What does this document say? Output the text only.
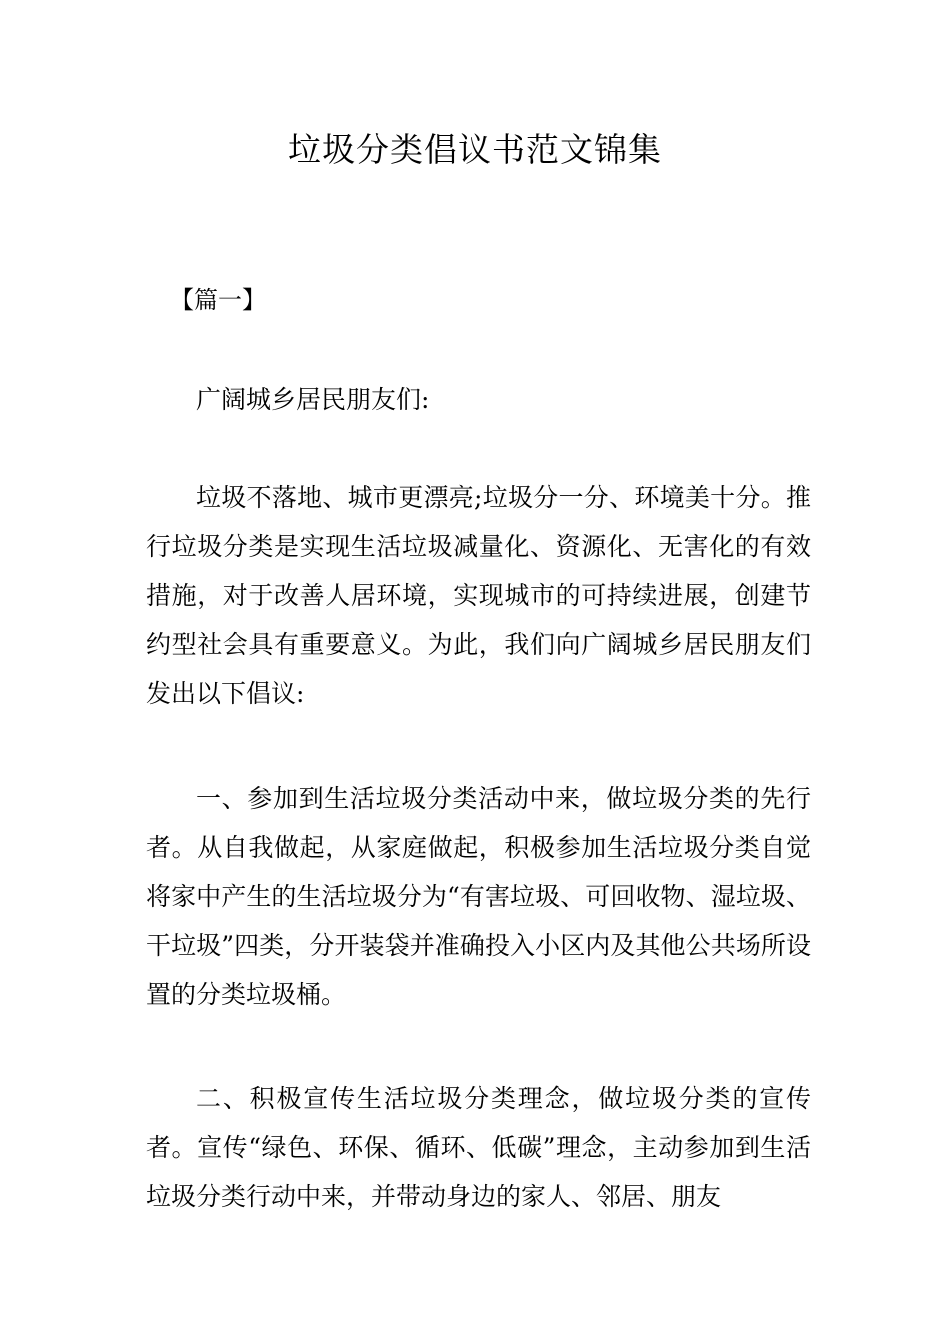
垃圾分类倡议书范文锦集

【篇一】

广阔城乡居民朋友们:

垃圾不落地、城市更漂亮;垃圾分一分、环境美十分。推行垃圾分类是实现生活垃圾减量化、资源化、无害化的有效措施，对于改善人居环境，实现城市的可持续进展，创建节约型社会具有重要意义。为此，我们向广阔城乡居民朋友们发出以下倡议:

一、参加到生活垃圾分类活动中来，做垃圾分类的先行者。从自我做起，从家庭做起，积极参加生活垃圾分类自觉将家中产生的生活垃圾分为“有害垃圾、可回收物、湿垃圾、干垃圾”四类，分开装袋并准确投入小区内及其他公共场所设置的分类垃圾桶。

二、积极宣传生活垃圾分类理念，做垃圾分类的宣传者。宣传“绿色、环保、循环、低碳”理念，主动参加到生活垃圾分类行动中来，并带动身边的家人、邻居、朋友
